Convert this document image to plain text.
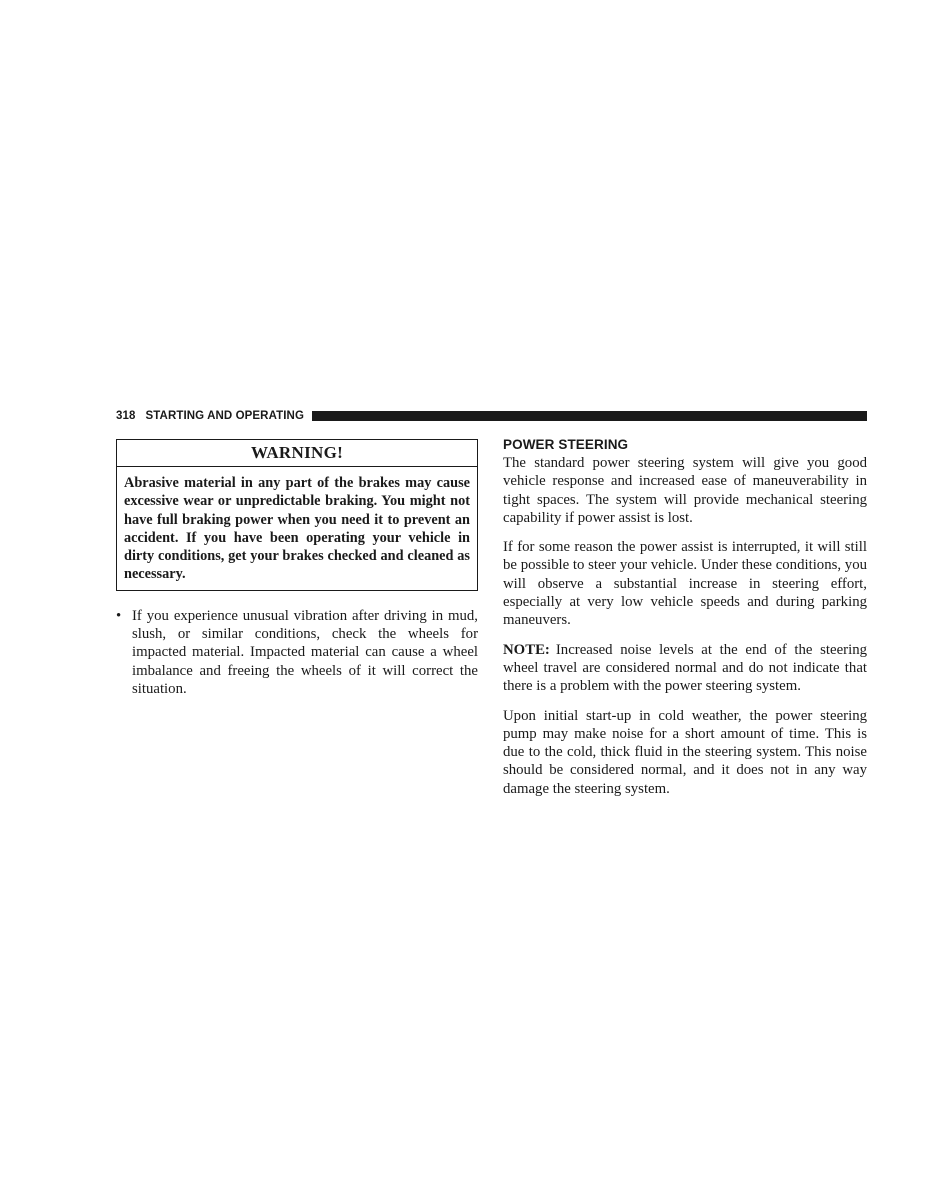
318 STARTING AND OPERATING
WARNING!
Abrasive material in any part of the brakes may cause excessive wear or unpredictable braking. You might not have full braking power when you need it to prevent an accident. If you have been operating your vehicle in dirty conditions, get your brakes checked and cleaned as necessary.
• If you experience unusual vibration after driving in mud, slush, or similar conditions, check the wheels for impacted material. Impacted material can cause a wheel imbalance and freeing the wheels of it will correct the situation.
POWER STEERING

The standard power steering system will give you good vehicle response and increased ease of maneuverability in tight spaces. The system will provide mechanical steering capability if power assist is lost.

If for some reason the power assist is interrupted, it will still be possible to steer your vehicle. Under these conditions, you will observe a substantial increase in steering effort, especially at very low vehicle speeds and during parking maneuvers.

NOTE: Increased noise levels at the end of the steering wheel travel are considered normal and do not indicate that there is a problem with the power steering system.

Upon initial start-up in cold weather, the power steering pump may make noise for a short amount of time. This is due to the cold, thick fluid in the steering system. This noise should be considered normal, and it does not in any way damage the steering system.
